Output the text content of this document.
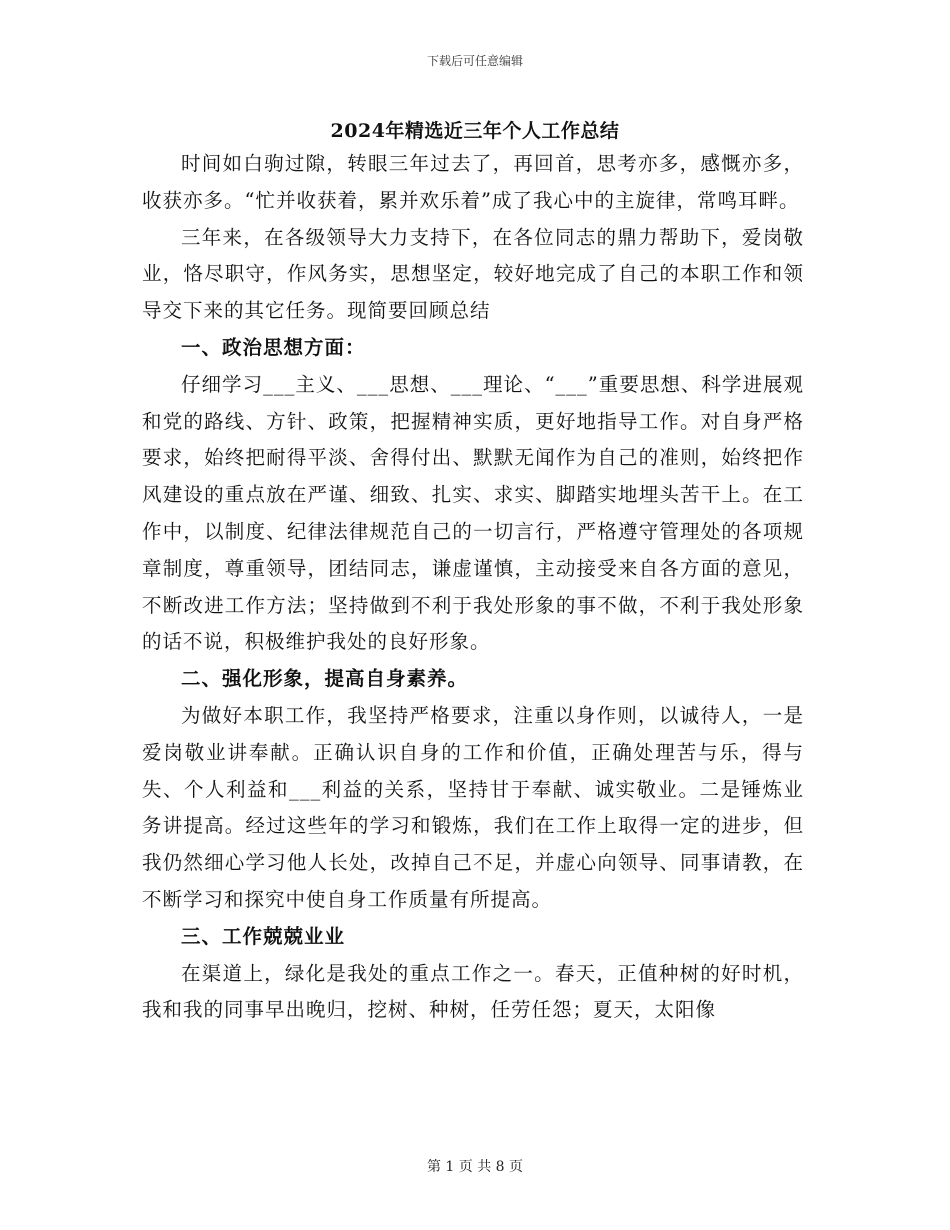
下载后可任意编辑
2024年精选近三年个人工作总结

时间如白驹过隙，转眼三年过去了，再回首，思考亦多，感慨亦多，收获亦多。“忙并收获着，累并欢乐着”成了我心中的主旋律，常鸣耳畔。

三年来，在各级领导大力支持下，在各位同志的鼎力帮助下，爱岗敬业，恪尽职守，作风务实，思想坚定，较好地完成了自己的本职工作和领导交下来的其它任务。现简要回顾总结

一、政治思想方面：

仔细学习___主义、___思想、___理论、“___”重要思想、科学进展观和党的路线、方针、政策，把握精神实质，更好地指导工作。对自身严格要求，始终把耐得平淡、舍得付出、默默无闻作为自己的准则，始终把作风建设的重点放在严谨、细致、扎实、求实、脚踏实地埋头苦干上。在工作中，以制度、纪律法律规范自己的一切言行，严格遵守管理处的各项规章制度，尊重领导，团结同志，谦虚谨慎，主动接受来自各方面的意见，不断改进工作方法；坚持做到不利于我处形象的事不做，不利于我处形象的话不说，积极维护我处的良好形象。

二、强化形象，提高自身素养。

为做好本职工作，我坚持严格要求，注重以身作则，以诚待人，一是爱岗敬业讲奉献。正确认识自身的工作和价值，正确处理苦与乐，得与失、个人利益和___利益的关系，坚持甘于奉献、诚实敬业。二是锤炼业务讲提高。经过这些年的学习和锻炼，我们在工作上取得一定的进步，但我仍然细心学习他人长处，改掉自己不足，并虚心向领导、同事请教，在不断学习和探究中使自身工作质量有所提高。

三、工作兢兢业业

在渠道上，绿化是我处的重点工作之一。春天，正值种树的好时机，我和我的同事早出晚归，挖树、种树，任劳任怨；夏天，太阳像

第 1 页 共 8 页
